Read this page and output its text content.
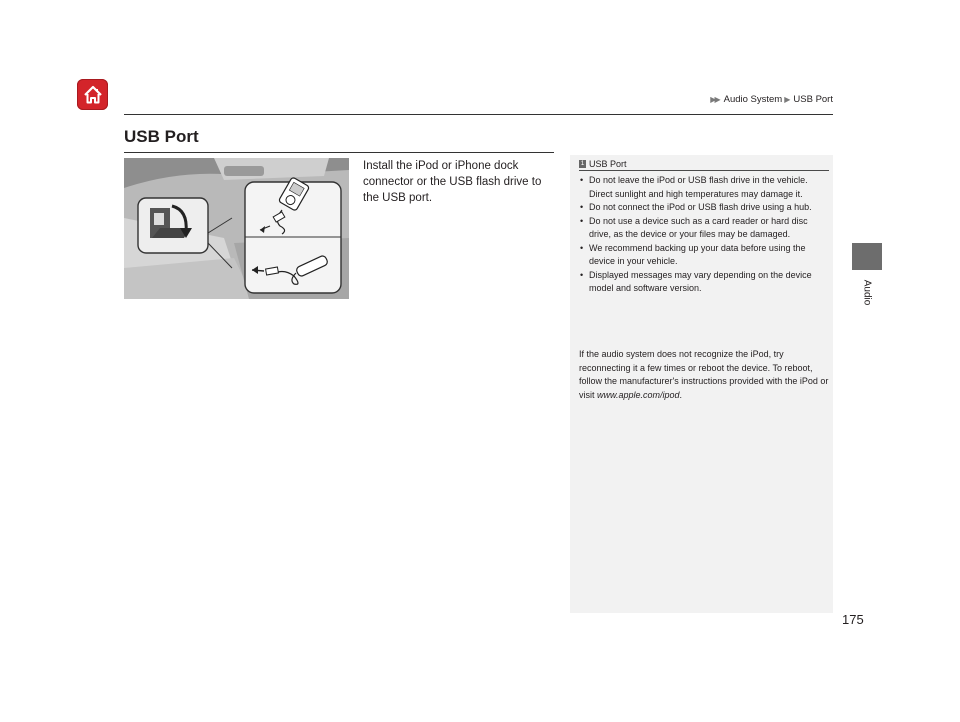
▶▶ Audio System ▶ USB Port
USB Port

Install the iPod or iPhone dock connector or the USB flash drive to the USB port.

1 USB Port
• Do not leave the iPod or USB flash drive in the vehicle. Direct sunlight and high temperatures may damage it.
• Do not connect the iPod or USB flash drive using a hub.
• Do not use a device such as a card reader or hard disc drive, as the device or your files may be damaged.
• We recommend backing up your data before using the device in your vehicle.
• Displayed messages may vary depending on the device model and software version.

If the audio system does not recognize the iPod, try reconnecting it a few times or reboot the device. To reboot, follow the manufacturer's instructions provided with the iPod or visit www.apple.com/ipod.

Audio
175
